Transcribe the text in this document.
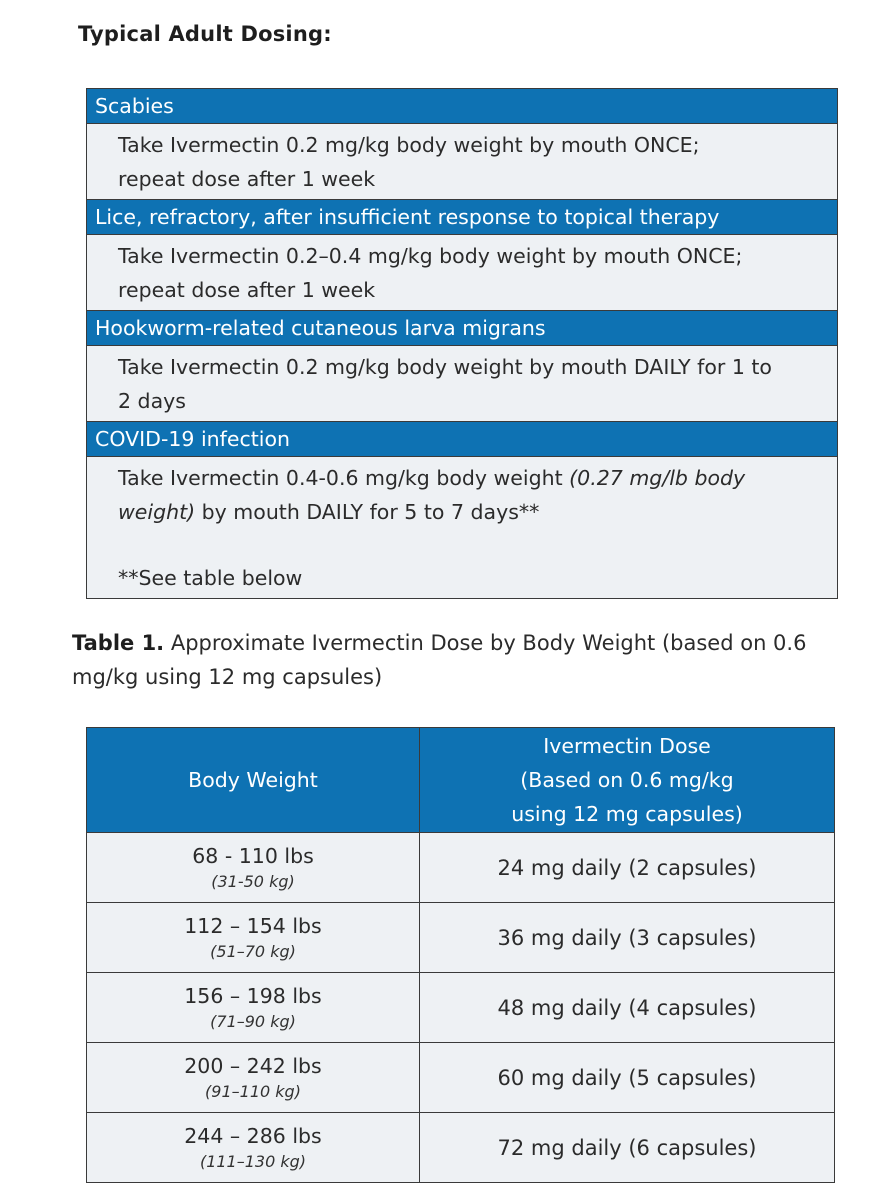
Typical Adult Dosing:
Scabies
Take Ivermectin 0.2 mg/kg body weight by mouth ONCE;
repeat dose after 1 week
Lice, refractory, after insufficient response to topical therapy
Take Ivermectin 0.2–0.4 mg/kg body weight by mouth ONCE;
repeat dose after 1 week
Hookworm-related cutaneous larva migrans
Take Ivermectin 0.2 mg/kg body weight by mouth DAILY for 1 to
2 days
COVID-19 infection
Take Ivermectin 0.4-0.6 mg/kg body weight (0.27 mg/lb body
weight) by mouth DAILY for 5 to 7 days**
**See table below
Table 1. Approximate Ivermectin Dose by Body Weight (based on 0.6 mg/kg using 12 mg capsules)
Body Weight	Ivermectin Dose
(Based on 0.6 mg/kg
using 12 mg capsules)

68 - 110 lbs
(31-50 kg)	24 mg daily (2 capsules)

112 – 154 lbs
(51–70 kg)	36 mg daily (3 capsules)

156 – 198 lbs
(71–90 kg)	48 mg daily (4 capsules)

200 – 242 lbs
(91–110 kg)	60 mg daily (5 capsules)

244 – 286 lbs
(111–130 kg)	72 mg daily (6 capsules)
